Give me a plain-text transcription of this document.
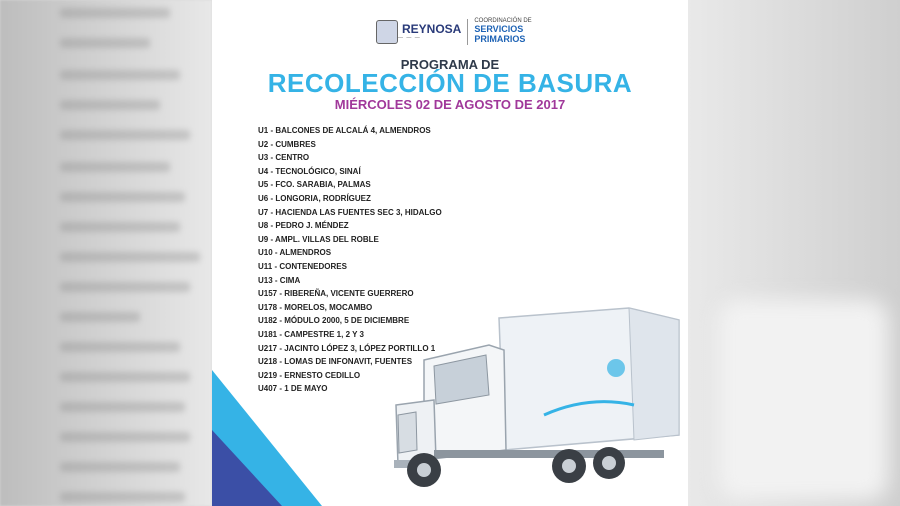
REYNOSA
— — —
COORDINACIÓN DE
SERVICIOS
PRIMARIOS
PROGRAMA DE
RECOLECCIÓN DE BASURA
MIÉRCOLES 02 DE AGOSTO DE 2017
U1 - BALCONES DE ALCALÁ 4, ALMENDROS
U2 - CUMBRES
U3 - CENTRO
U4 - TECNOLÓGICO, SINAÍ
U5 - FCO. SARABIA, PALMAS
U6 - LONGORIA, RODRÍGUEZ
U7 - HACIENDA LAS FUENTES SEC 3, HIDALGO
U8 - PEDRO J. MÉNDEZ
U9 - AMPL. VILLAS DEL ROBLE
U10 - ALMENDROS
U11 - CONTENEDORES
U13 - CIMA
U157 - RIBEREÑA, VICENTE GUERRERO
U178 - MORELOS, MOCAMBO
U182 - MÓDULO 2000, 5 DE DICIEMBRE
U181 - CAMPESTRE 1, 2 Y 3
U217 - JACINTO LÓPEZ 3, LÓPEZ PORTILLO 1
U218 - LOMAS DE INFONAVIT, FUENTES
U219 - ERNESTO CEDILLO
U407 - 1 DE MAYO
